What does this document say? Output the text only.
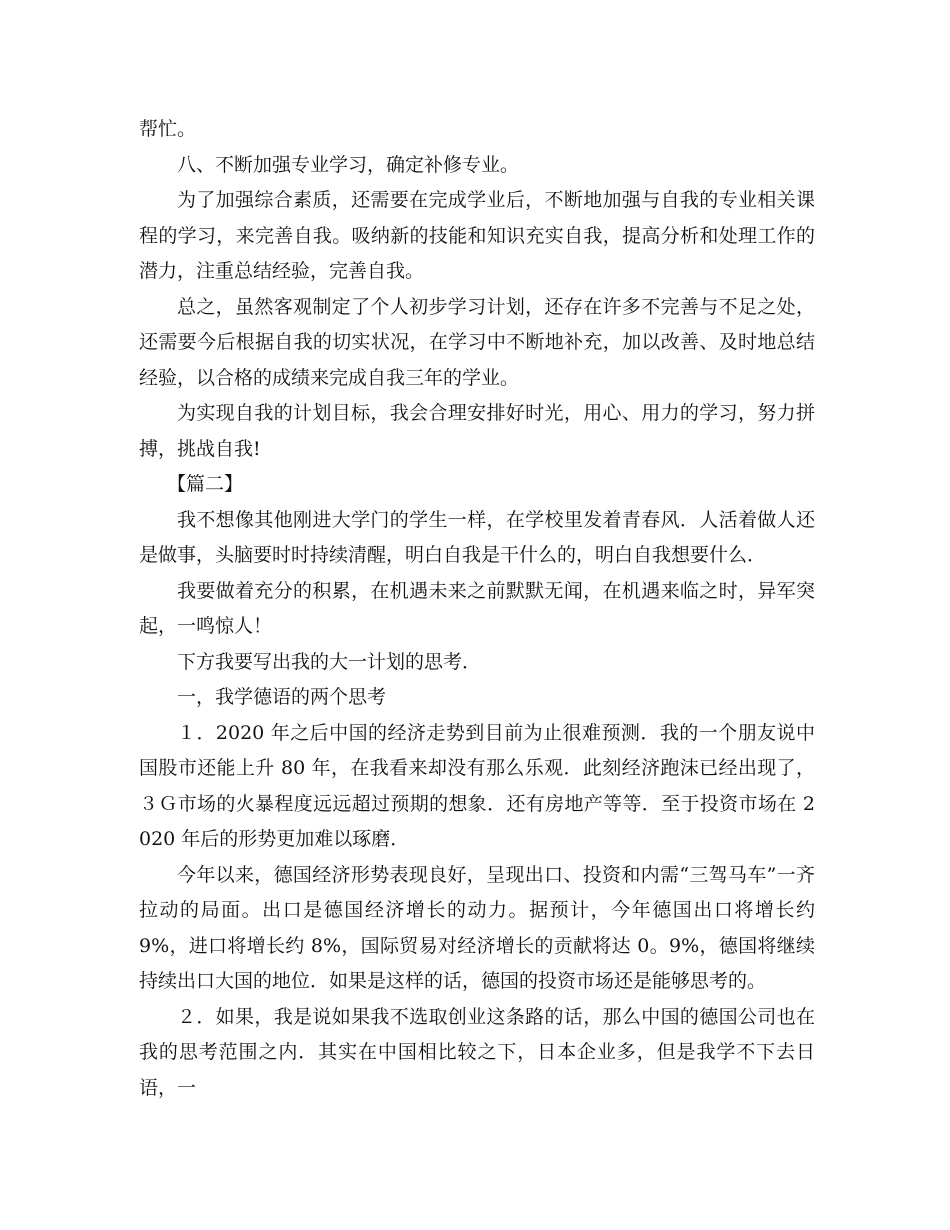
帮忙。

八、不断加强专业学习，确定补修专业。

为了加强综合素质，还需要在完成学业后，不断地加强与自我的专业相关课程的学习，来完善自我。吸纳新的技能和知识充实自我，提高分析和处理工作的潜力，注重总结经验，完善自我。

总之，虽然客观制定了个人初步学习计划，还存在许多不完善与不足之处，还需要今后根据自我的切实状况，在学习中不断地补充，加以改善、及时地总结经验，以合格的成绩来完成自我三年的学业。

为实现自我的计划目标，我会合理安排好时光，用心、用力的学习，努力拼搏，挑战自我!

【篇二】

我不想像其他刚进大学门的学生一样，在学校里发着青春风．人活着做人还是做事，头脑要时时持续清醒，明白自我是干什么的，明白自我想要什么．

我要做着充分的积累，在机遇未来之前默默无闻，在机遇来临之时，异军突起，一鸣惊人！

下方我要写出我的大一计划的思考．

一，我学德语的两个思考

１．2020 年之后中国的经济走势到目前为止很难预测．我的一个朋友说中国股市还能上升 80 年，在我看来却没有那么乐观．此刻经济跑沫已经出现了，３Ｇ市场的火暴程度远远超过预期的想象．还有房地产等等．至于投资市场在 2020 年后的形势更加难以琢磨．

今年以来，德国经济形势表现良好，呈现出口、投资和内需“三驾马车”一齐拉动的局面。出口是德国经济增长的动力。据预计，今年德国出口将增长约 9%，进口将增长约 8%，国际贸易对经济增长的贡献将达 0。9%，德国将继续持续出口大国的地位．如果是这样的话，德国的投资市场还是能够思考的。

２．如果，我是说如果我不选取创业这条路的话，那么中国的德国公司也在我的思考范围之内．其实在中国相比较之下，日本企业多，但是我学不下去日语，一
